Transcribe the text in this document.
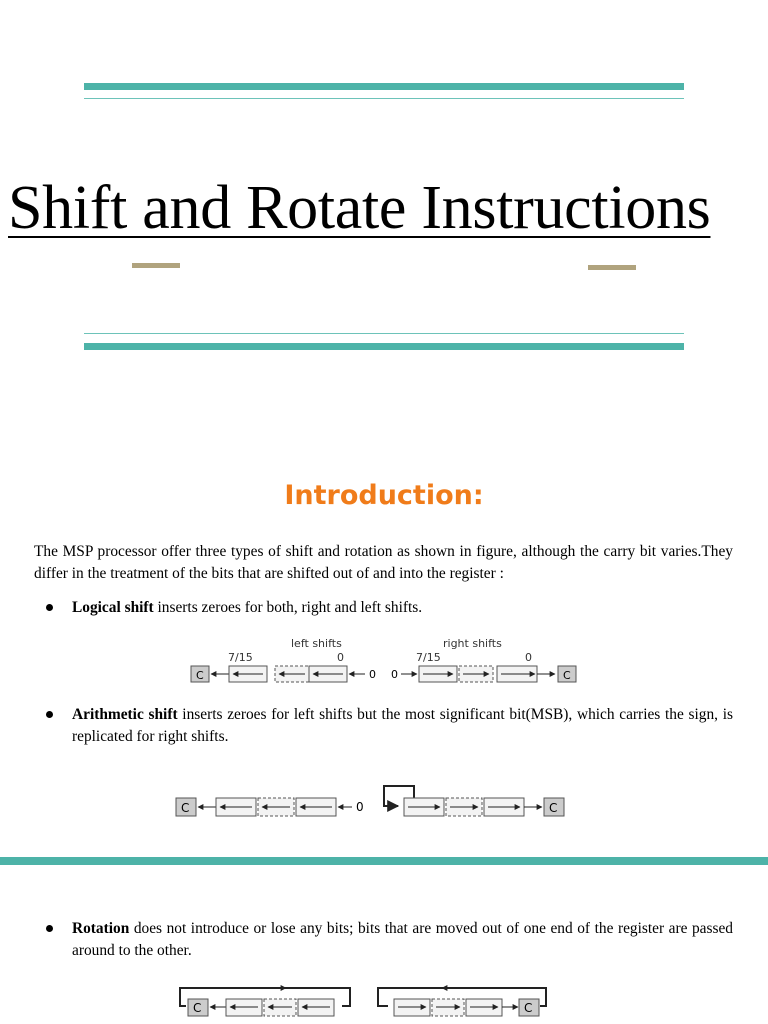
Shift and Rotate Instructions
Introduction:

The MSP processor offer three types of shift and rotation as shown in figure, although the carry bit varies.They differ in the treatment of the bits that are shifted out of and into the register :

Logical shift inserts zeroes for both, right and left shifts.

left shifts	right shifts
7/15	0	7/15	0
C	0 0	C

Arithmetic shift inserts zeroes for left shifts but the most significant bit(MSB), which carries the sign, is replicated for right shifts.

C	0	C

Rotation does not introduce or lose any bits; bits that are moved out of one end of the register are passed around to the other.

C	C
